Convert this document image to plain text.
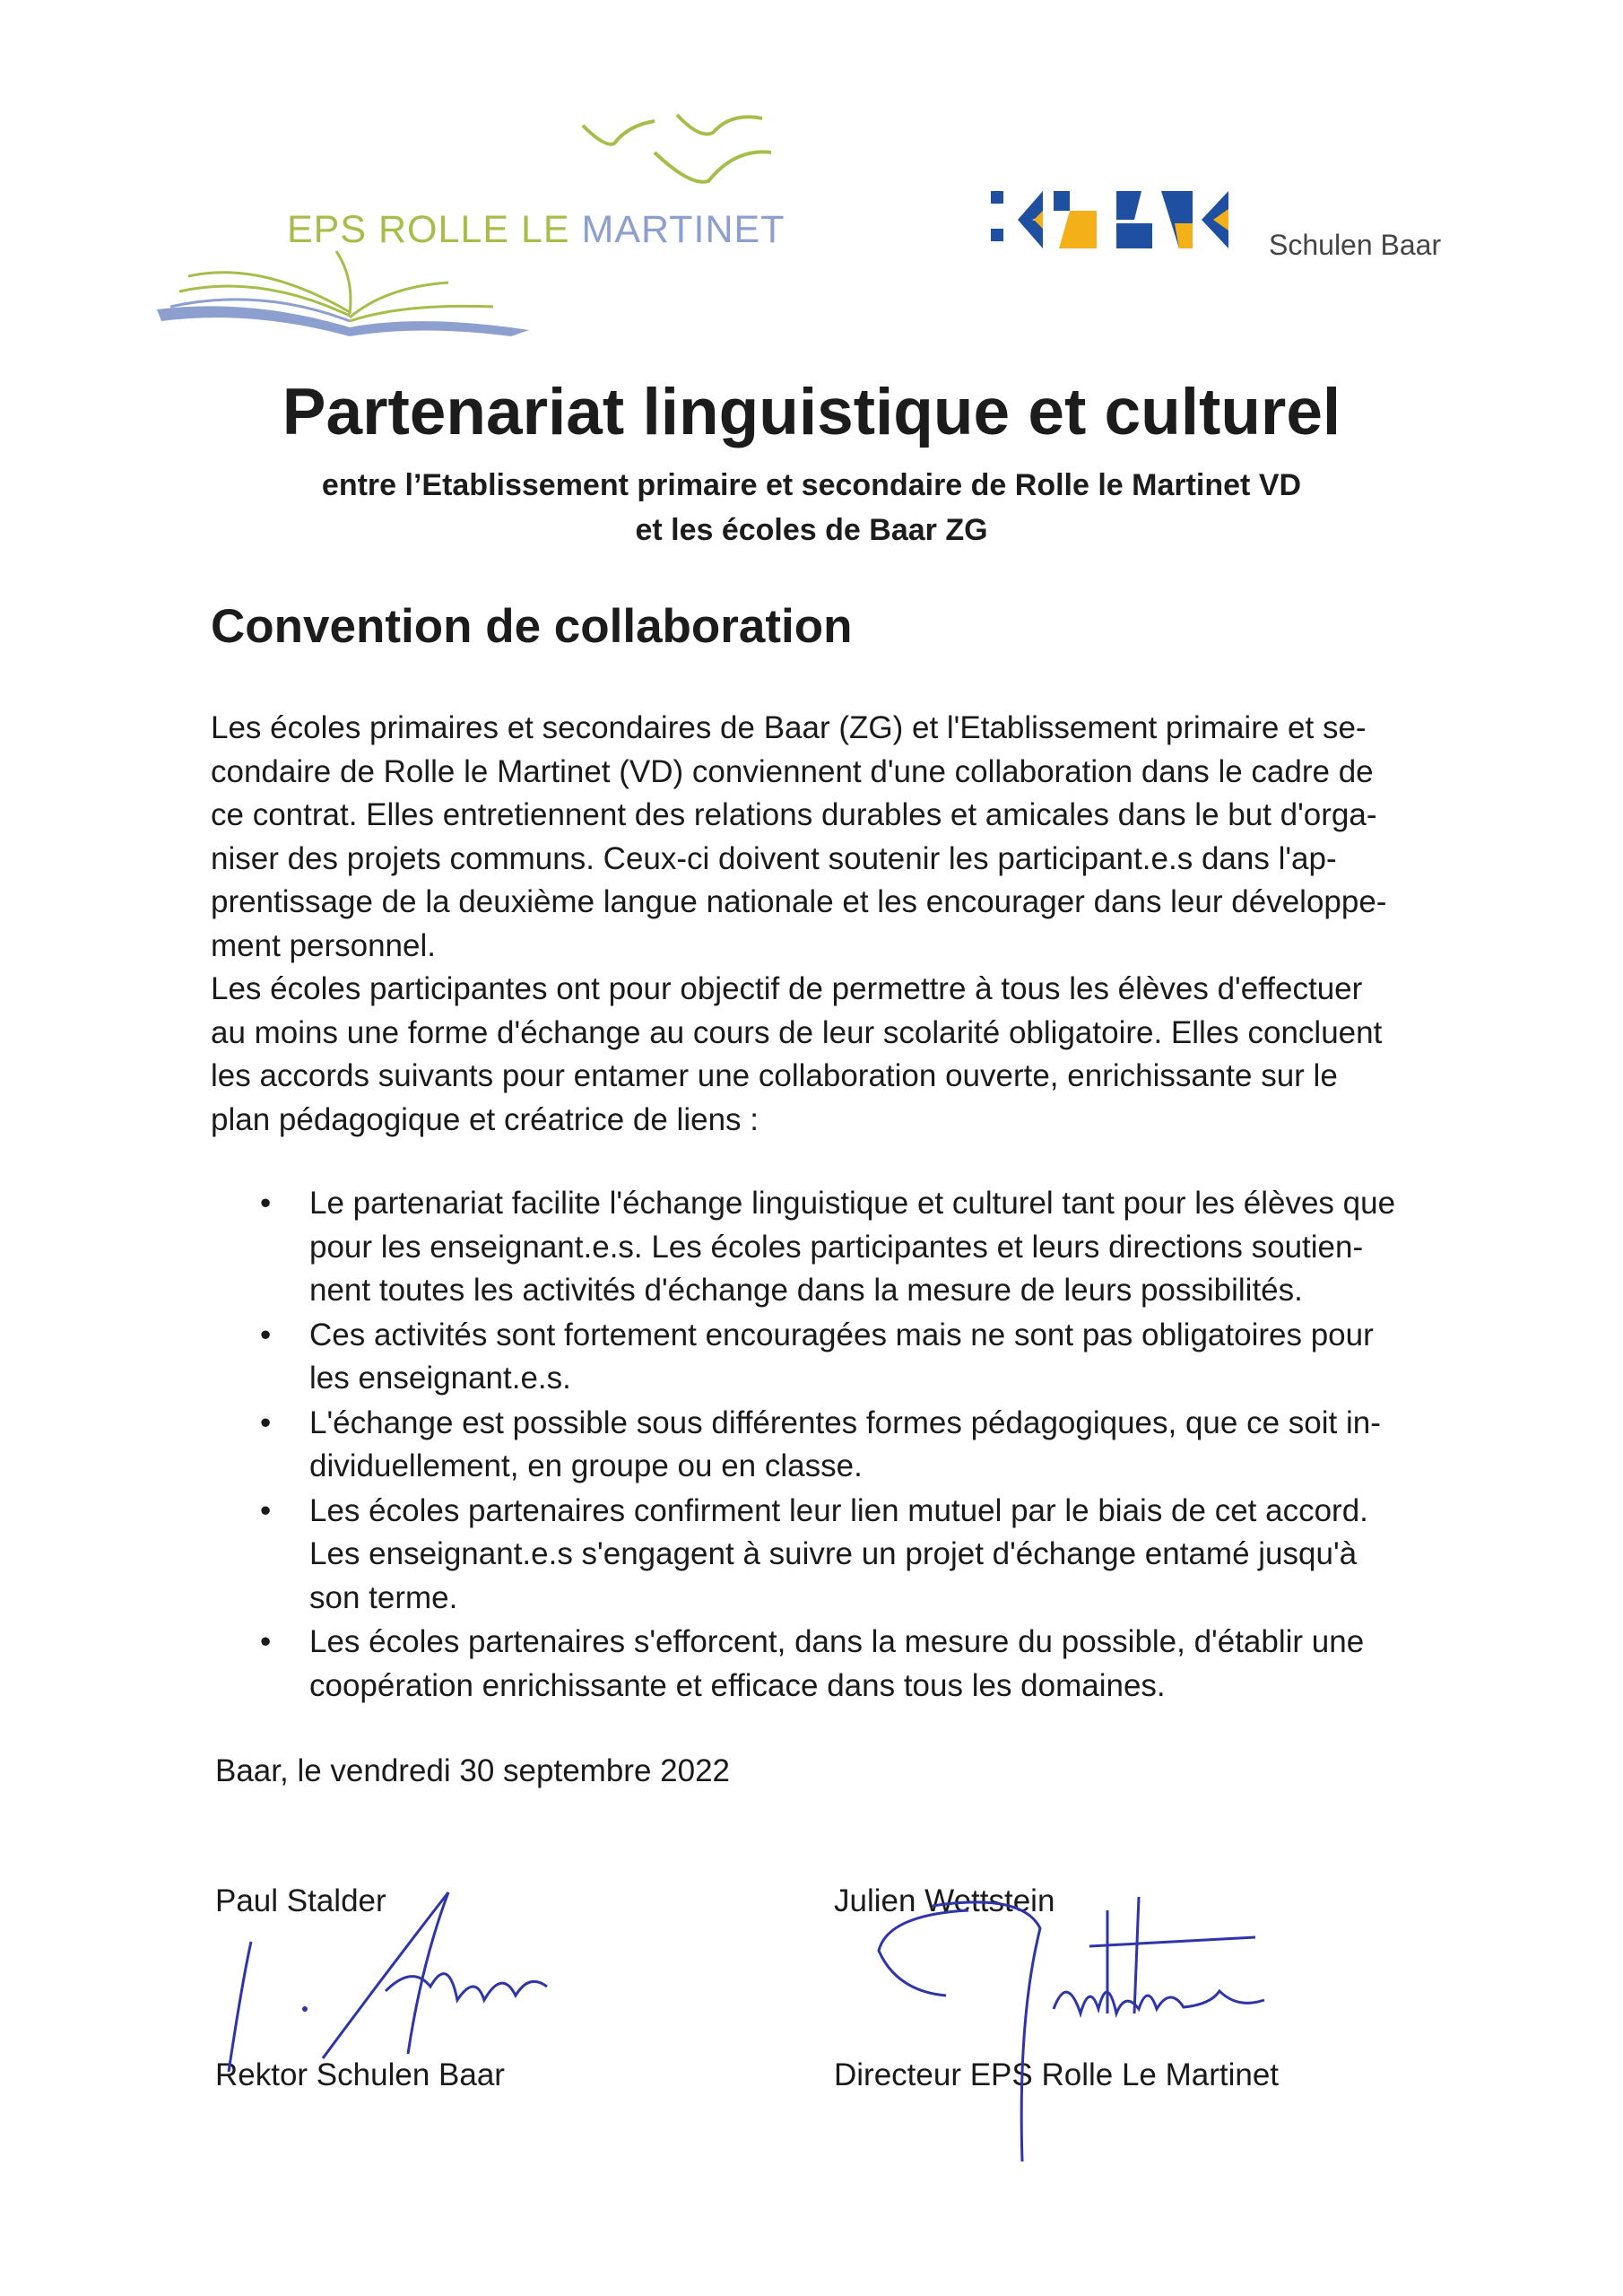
EPS ROLLE LE MARTINET	Schulen Baar
Partenariat linguistique et culturel
entre l’Etablissement primaire et secondaire de Rolle le Martinet VD
et les écoles de Baar ZG
Convention de collaboration
Les écoles primaires et secondaires de Baar (ZG) et l'Etablissement primaire et se-
condaire de Rolle le Martinet (VD) conviennent d'une collaboration dans le cadre de
ce contrat. Elles entretiennent des relations durables et amicales dans le but d'orga-
niser des projets communs. Ceux-ci doivent soutenir les participant.e.s dans l'ap-
prentissage de la deuxième langue nationale et les encourager dans leur développe-
ment personnel.
Les écoles participantes ont pour objectif de permettre à tous les élèves d'effectuer
au moins une forme d'échange au cours de leur scolarité obligatoire. Elles concluent
les accords suivants pour entamer une collaboration ouverte, enrichissante sur le
plan pédagogique et créatrice de liens :
• Le partenariat facilite l'échange linguistique et culturel tant pour les élèves que
pour les enseignant.e.s. Les écoles participantes et leurs directions soutien-
nent toutes les activités d'échange dans la mesure de leurs possibilités.
• Ces activités sont fortement encouragées mais ne sont pas obligatoires pour
les enseignant.e.s.
• L'échange est possible sous différentes formes pédagogiques, que ce soit in-
dividuellement, en groupe ou en classe.
• Les écoles partenaires confirment leur lien mutuel par le biais de cet accord.
Les enseignant.e.s s'engagent à suivre un projet d'échange entamé jusqu'à
son terme.
• Les écoles partenaires s'efforcent, dans la mesure du possible, d'établir une
coopération enrichissante et efficace dans tous les domaines.
Baar, le vendredi 30 septembre 2022
Paul Stalder
Rektor Schulen Baar
Julien Wettstein
Directeur EPS Rolle Le Martinet
